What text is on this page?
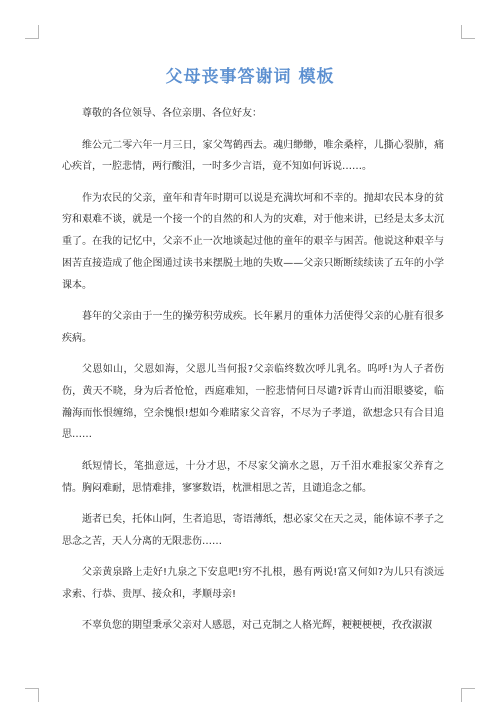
父母丧事答谢词 模板

尊敬的各位领导、各位亲朋、各位好友：

维公元二零六年一月三日，家父驾鹤西去。魂归缈缈，唯余桑梓，儿撕心裂肺，痛心疾首，一腔悲情，两行酸泪，一时多少言语，竟不知如何诉说……。

作为农民的父亲，童年和青年时期可以说是充满坎坷和不幸的。抛却农民本身的贫穷和艰难不谈，就是一个接一个的自然的和人为的灾难，对于他来讲，已经是太多太沉重了。在我的记忆中，父亲不止一次地谈起过他的童年的艰辛与困苦。他说这种艰辛与困苦直接造成了他企图通过读书来摆脱土地的失败——父亲只断断续续读了五年的小学课本。

暮年的父亲由于一生的操劳积劳成疾。长年累月的重体力活使得父亲的心脏有很多疾病。

父恩如山，父恩如海，父恩儿当何报?父亲临终数次呼儿乳名。呜呼!为人子者伤伤，黄天不晓，身为后者怆怆，西庭难知，一腔悲情何日尽谴?诉青山而泪眼婆娑，临瀚海而怅恨缠绵，空余愧恨!想如今难睹家父音容，不尽为子孝道，欲想念只有合目追思……

纸短情长，笔拙意远，十分才思，不尽家父滴水之恩，万千泪水难报家父养育之情。胸闷难耐，思情难排，寥寥数语，枕泄相思之苦，且谴追念之郁。

逝者已矣，托体山阿，生者追思，寄语薄纸，想必家父在天之灵，能体谅不孝子之思念之苦，天人分离的无限悲伤……

父亲黄泉路上走好!九泉之下安息吧!穷不扎根，愚有两说!富又何如?为儿只有淡远求索、行恭、贵厚、接众和，孝顺母亲!

不辜负您的期望秉承父亲对人感恩，对己克制之人格光辉，粳粳梗梗，孜孜淑淑
